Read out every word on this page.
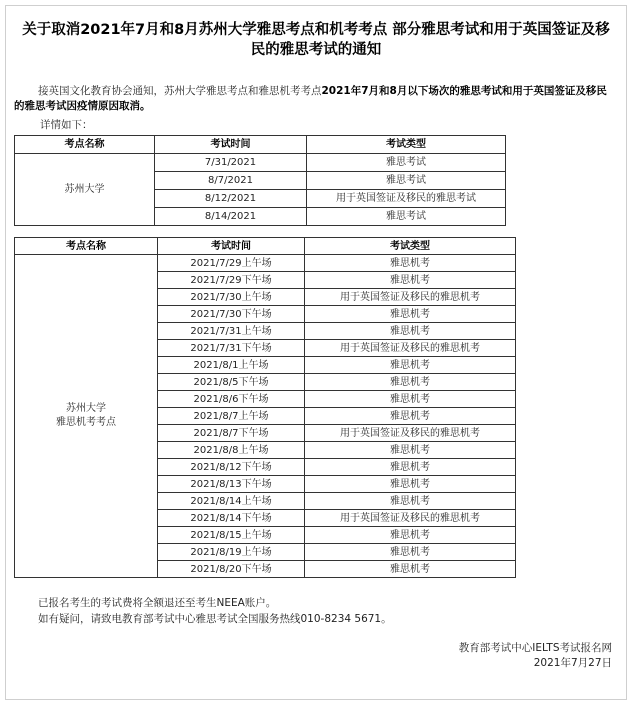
关于取消2021年7月和8月苏州大学雅思考点和机考考点 部分雅思考试和用于英国签证及移
民的雅思考试的通知
接英国文化教育协会通知，苏州大学雅思考点和雅思机考考点2021年7月和8月以下场次的雅思考试和用于英国签证及移民的雅思考试因疫情原因取消。
详情如下：
考点名称	考试时间	考试类型
苏州大学	7/31/2021	雅思考试
	8/7/2021	雅思考试
	8/12/2021	用于英国签证及移民的雅思考试
	8/14/2021	雅思考试
考点名称	考试时间	考试类型

苏州大学
雅思机考考点	2021/7/29上午场	雅思机考
	2021/7/29下午场	雅思机考
	2021/7/30上午场	用于英国签证及移民的雅思机考
	2021/7/30下午场	雅思机考
	2021/7/31上午场	雅思机考
	2021/7/31下午场	用于英国签证及移民的雅思机考
	2021/8/1上午场	雅思机考
	2021/8/5下午场	雅思机考
	2021/8/6下午场	雅思机考
	2021/8/7上午场	雅思机考
	2021/8/7下午场	用于英国签证及移民的雅思机考
	2021/8/8上午场	雅思机考
	2021/8/12下午场	雅思机考
	2021/8/13下午场	雅思机考
	2021/8/14上午场	雅思机考
	2021/8/14下午场	用于英国签证及移民的雅思机考
	2021/8/15上午场	雅思机考
	2021/8/19上午场	雅思机考
	2021/8/20下午场	雅思机考
已报名考生的考试费将全额退还至考生NEEA账户。
如有疑问，请致电教育部考试中心雅思考试全国服务热线010-8234 5671。
教育部考试中心IELTS考试报名网
2021年7月27日
